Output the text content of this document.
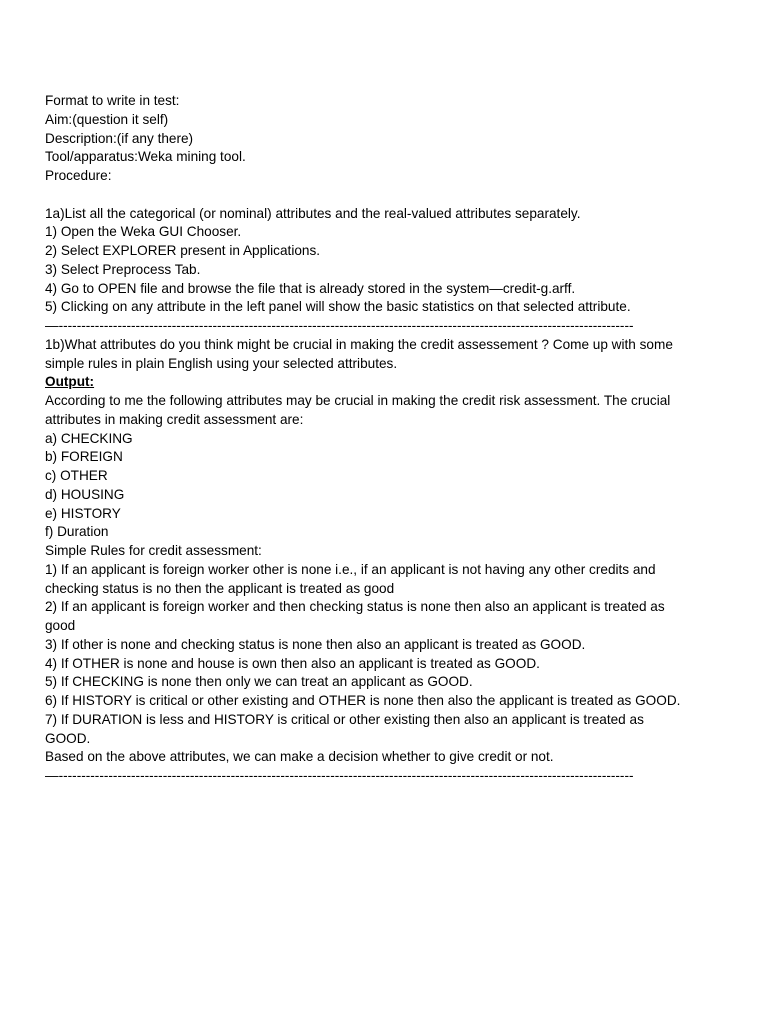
Format to write in test:
Aim:(question it self)
Description:(if any there)
Tool/apparatus:Weka mining tool.
Procedure:
1a)List all the categorical (or nominal) attributes and the real-valued attributes separately.
1) Open the Weka GUI Chooser.
2) Select EXPLORER present in Applications.
3) Select Preprocess Tab.
4) Go to OPEN file and browse the file that is already stored in the system—credit-g.arff.
5) Clicking on any attribute in the left panel will show the basic statistics on that selected attribute.
—-------------------------------------------------------------------------------------------------------------------------------
1b)What attributes do you think might be crucial in making the credit assessement ? Come up with some simple rules in plain English using your selected attributes.
Output:
According to me the following attributes may be crucial in making the credit risk assessment. The crucial attributes in making credit assessment are:
a) CHECKING
b) FOREIGN
c) OTHER
d) HOUSING
e) HISTORY
f) Duration
Simple Rules for credit assessment:
1) If an applicant is foreign worker other is none i.e., if an applicant is not having any other credits and checking status is no then the applicant is treated as good
2) If an applicant is foreign worker and then checking status is none then also an applicant is treated as good
3) If other is none and checking status is none then also an applicant is treated as GOOD.
4) If OTHER is none and house is own then also an applicant is treated as GOOD.
5) If CHECKING is none then only we can treat an applicant as GOOD.
6) If HISTORY is critical or other existing and OTHER is none then also the applicant is treated as GOOD.
7) If DURATION is less and HISTORY is critical or other existing then also an applicant is treated as GOOD.
Based on the above attributes, we can make a decision whether to give credit or not.
—-------------------------------------------------------------------------------------------------------------------------------
